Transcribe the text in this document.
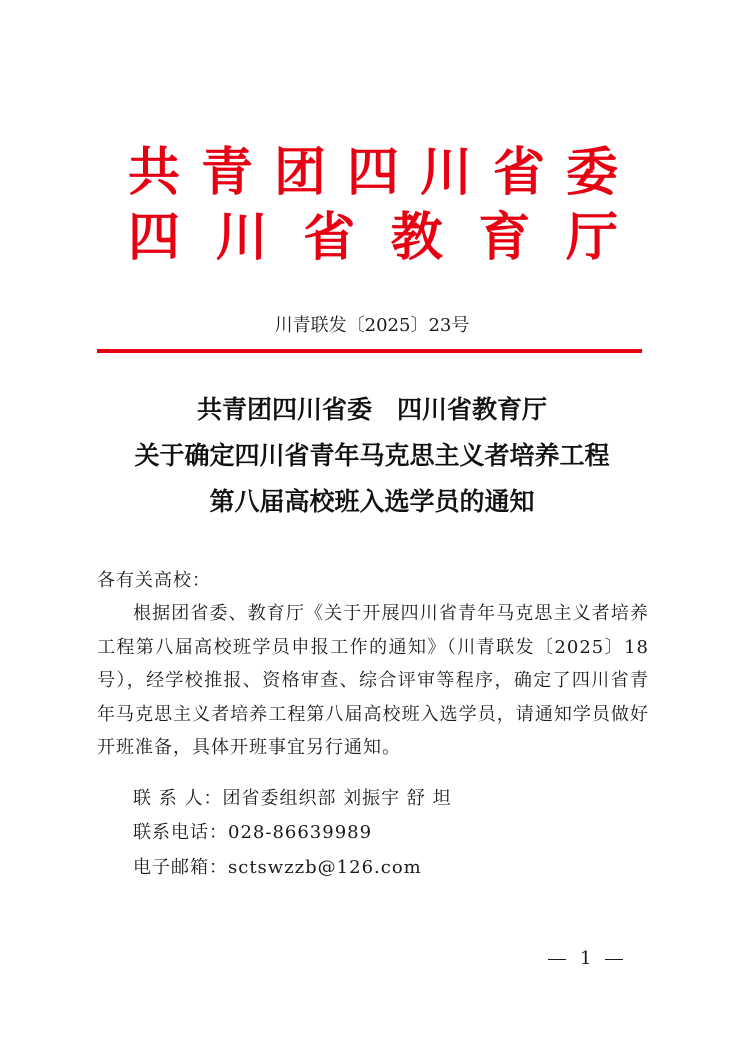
共 青 团 四 川 省 委
四 川 省 教 育 厅
川青联发〔2025〕23号
共青团四川省委　四川省教育厅
关于确定四川省青年马克思主义者培养工程
第八届高校班入选学员的通知
各有关高校：
根据团省委、教育厅《关于开展四川省青年马克思主义者培养工程第八届高校班学员申报工作的通知》（川青联发〔2025〕18号），经学校推报、资格审查、综合评审等程序，确定了四川省青年马克思主义者培养工程第八届高校班入选学员，请通知学员做好开班准备，具体开班事宜另行通知。
联 系 人：团省委组织部 刘振宇 舒 坦
联系电话：028-86639989
电子邮箱：sctswzzb@126.com
1
